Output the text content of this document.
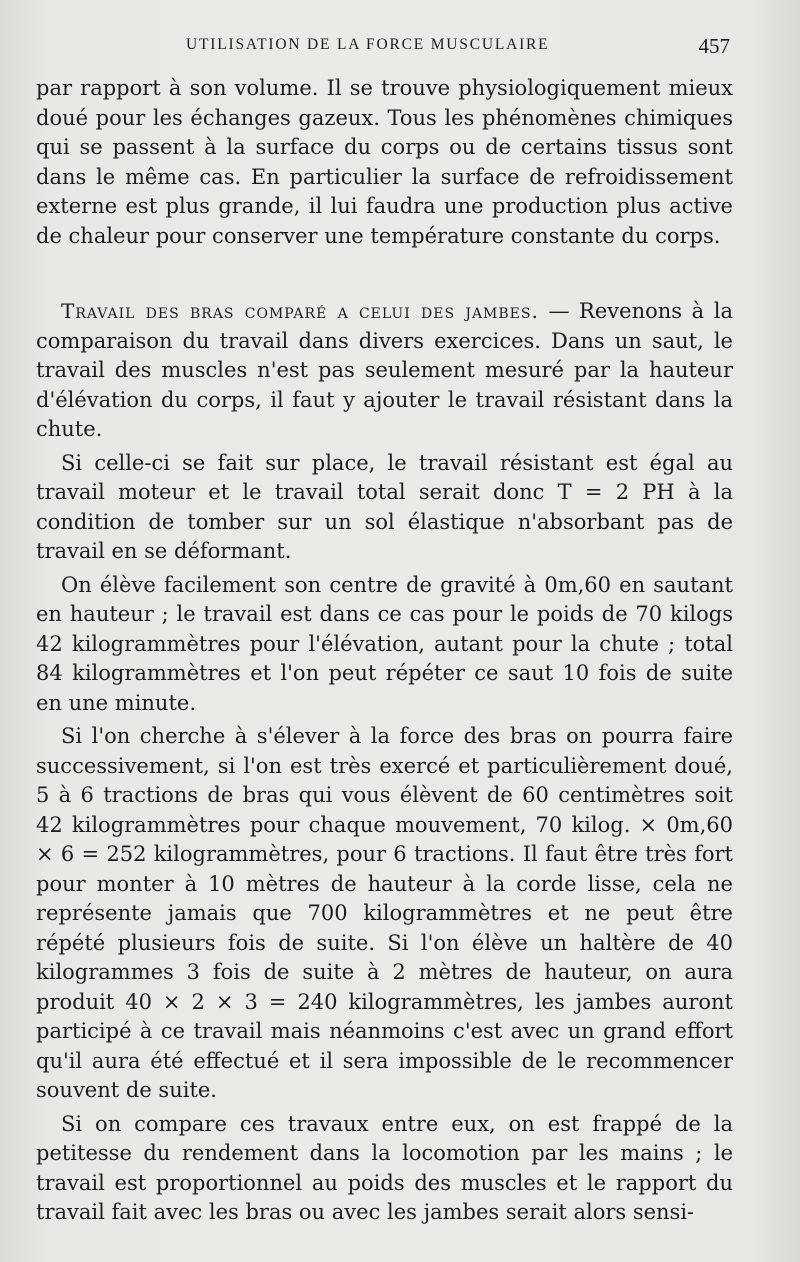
UTILISATION DE LA FORCE MUSCULAIRE	457

par rapport à son volume. Il se trouve physiologiquement mieux doué pour les échanges gazeux. Tous les phénomènes chimiques qui se passent à la surface du corps ou de certains tissus sont dans le même cas. En particulier la surface de refroidissement externe est plus grande, il lui faudra une production plus active de chaleur pour conserver une température constante du corps.

Travail des bras comparé a celui des jambes. — Revenons à la comparaison du travail dans divers exercices. Dans un saut, le travail des muscles n'est pas seulement mesuré par la hauteur d'élévation du corps, il faut y ajouter le travail résistant dans la chute.

Si celle-ci se fait sur place, le travail résistant est égal au travail moteur et le travail total serait donc T = 2 PH à la condition de tomber sur un sol élastique n'absorbant pas de travail en se déformant.

On élève facilement son centre de gravité à 0m,60 en sautant en hauteur ; le travail est dans ce cas pour le poids de 70 kilogs 42 kilogrammètres pour l'élévation, autant pour la chute ; total 84 kilogrammètres et l'on peut répéter ce saut 10 fois de suite en une minute.

Si l'on cherche à s'élever à la force des bras on pourra faire successivement, si l'on est très exercé et particulièrement doué, 5 à 6 tractions de bras qui vous élèvent de 60 centimètres soit 42 kilogrammètres pour chaque mouvement, 70 kilog. × 0m,60 × 6 = 252 kilogrammètres, pour 6 tractions. Il faut être très fort pour monter à 10 mètres de hauteur à la corde lisse, cela ne représente jamais que 700 kilogrammètres et ne peut être répété plusieurs fois de suite. Si l'on élève un haltère de 40 kilogrammes 3 fois de suite à 2 mètres de hauteur, on aura produit 40 × 2 × 3 = 240 kilogrammètres, les jambes auront participé à ce travail mais néanmoins c'est avec un grand effort qu'il aura été effectué et il sera impossible de le recommencer souvent de suite.

Si on compare ces travaux entre eux, on est frappé de la petitesse du rendement dans la locomotion par les mains ; le travail est proportionnel au poids des muscles et le rapport du travail fait avec les bras ou avec les jambes serait alors sensi-
